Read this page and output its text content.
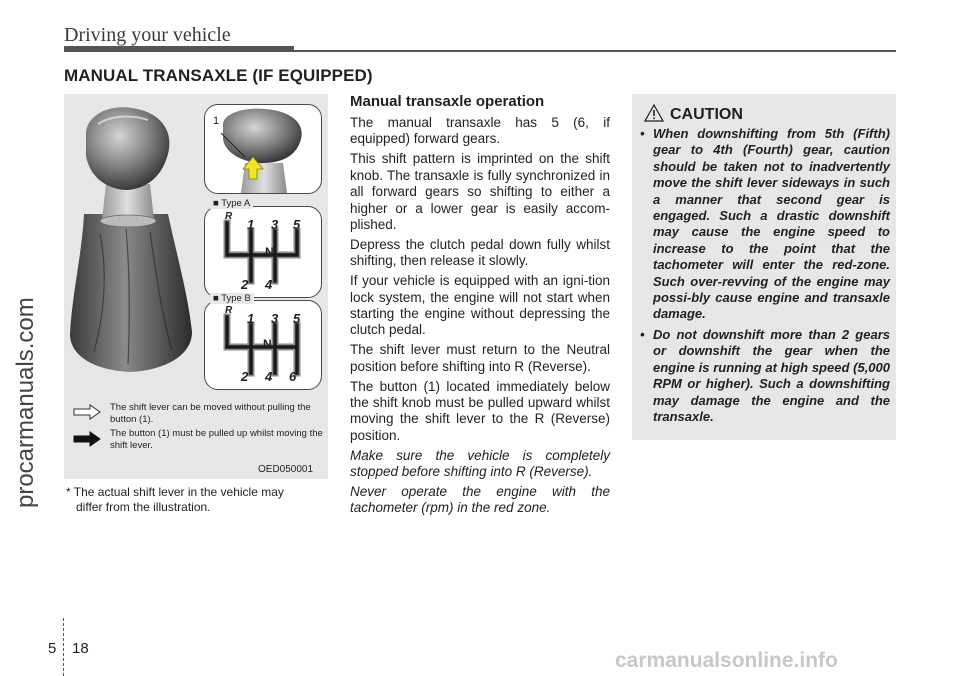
Driving your vehicle
MANUAL TRANSAXLE (IF EQUIPPED)
1
R
1 3 5
N
2 4
■ Type A
R
1 3 5
N
2 4 6
■ Type B
The shift lever can be moved without pulling the button (1).
The button (1) must be pulled up whilst moving the shift lever.
OED050001
* The actual shift lever in the vehicle may
differ from the illustration.
Manual transaxle operation

The manual transaxle has 5 (6, if equipped) forward gears.

This shift pattern is imprinted on the shift knob. The transaxle is fully synchronized in all forward gears so shifting to either a higher or a lower gear is easily accom-plished.

Depress the clutch pedal down fully whilst shifting, then release it slowly.

If your vehicle is equipped with an igni-tion lock system, the engine will not start when starting the engine without depressing the clutch pedal.

The shift lever must return to the Neutral position before shifting into R (Reverse).

The button (1) located immediately below the shift knob must be pulled upward whilst moving the shift lever to the R (Reverse) position.

Make sure the vehicle is completely stopped before shifting into R (Reverse).

Never operate the engine with the tachometer (rpm) in the red zone.

CAUTION
• When downshifting from 5th (Fifth) gear to 4th (Fourth) gear, caution should be taken not to inadvertently move the shift lever sideways in such a manner that second gear is engaged. Such a drastic downshift may cause the engine speed to increase to the point that the tachometer will enter the red-zone. Such over-revving of the engine may possi-bly cause engine and transaxle damage.
• Do not downshift more than 2 gears or downshift the gear when the engine is running at high speed (5,000 RPM or higher). Such a downshifting may damage the engine and the transaxle.
5 18
procarmanuals.com
carmanualsonline.info
